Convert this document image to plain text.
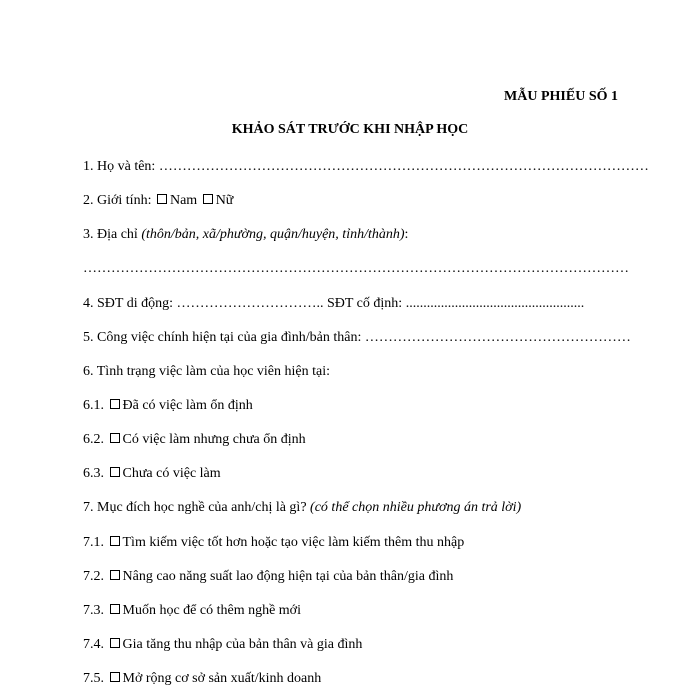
MẪU PHIẾU SỐ 1
KHẢO SÁT TRƯỚC KHI NHẬP HỌC
1. Họ và tên: ……………………………………………………………………………………………
2. Giới tính: Nam Nữ
3. Địa chỉ (thôn/bản, xã/phường, quận/huyện, tỉnh/thành):
………………………………………………………………………………………………………
4. SĐT di động: ………………………….. SĐT cố định: ...................................................
5. Công việc chính hiện tại của gia đình/bản thân: …………………………………………………
6. Tình trạng việc làm của học viên hiện tại:
6.1. Đã có việc làm ổn định
6.2. Có việc làm nhưng chưa ổn định
6.3. Chưa có việc làm
7. Mục đích học nghề của anh/chị là gì? (có thể chọn nhiều phương án trả lời)
7.1. Tìm kiếm việc tốt hơn hoặc tạo việc làm kiếm thêm thu nhập
7.2. Nâng cao năng suất lao động hiện tại của bản thân/gia đình
7.3. Muốn học để có thêm nghề mới
7.4. Gia tăng thu nhập của bản thân và gia đình
7.5. Mở rộng cơ sở sản xuất/kinh doanh
